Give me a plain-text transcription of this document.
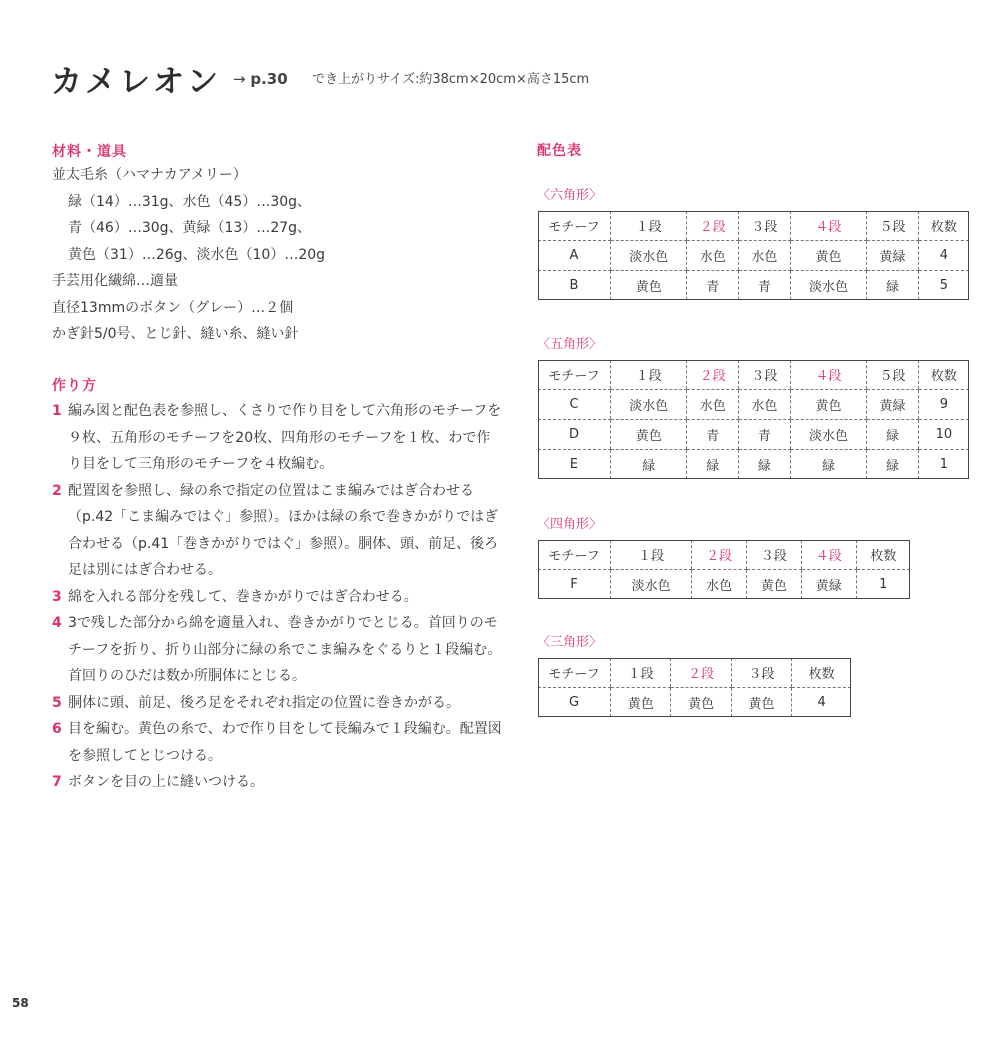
カメレオン → p.30 でき上がりサイズ:約38cm×20cm×高さ15cm
材料・道具
並太毛糸（ハマナカアメリー）
緑（14）…31g、水色（45）…30g、
青（46）…30g、黄緑（13）…27g、
黄色（31）…26g、淡水色（10）…20g
手芸用化繊綿…適量
直径13mmのボタン（グレー）…２個
かぎ針5/0号、とじ針、縫い糸、縫い針
作り方
1 編み図と配色表を参照し、くさりで作り目をして六角形のモチーフを９枚、五角形のモチーフを20枚、四角形のモチーフを１枚、わで作り目をして三角形のモチーフを４枚編む。
2 配置図を参照し、緑の糸で指定の位置はこま編みではぎ合わせる（p.42「こま編みではぐ」参照）。ほかは緑の糸で巻きかがりではぎ合わせる（p.41「巻きかがりではぐ」参照）。胴体、頭、前足、後ろ足は別にはぎ合わせる。
3 綿を入れる部分を残して、巻きかがりではぎ合わせる。
4 3で残した部分から綿を適量入れ、巻きかがりでとじる。首回りのモチーフを折り、折り山部分に緑の糸でこま編みをぐるりと１段編む。首回りのひだは数か所胴体にとじる。
5 胴体に頭、前足、後ろ足をそれぞれ指定の位置に巻きかがる。
6 目を編む。黄色の糸で、わで作り目をして長編みで１段編む。配置図を参照してとじつける。
7 ボタンを目の上に縫いつける。
配色表
〈六角形〉
モチーフ	１段	２段	３段	４段	５段	枚数
A	淡水色	水色	水色	黄色	黄緑	4
B	黄色	青	青	淡水色	緑	5
〈五角形〉
モチーフ	１段	２段	３段	４段	５段	枚数
C	淡水色	水色	水色	黄色	黄緑	9
D	黄色	青	青	淡水色	緑	10
E	緑	緑	緑	緑	緑	1
〈四角形〉
モチーフ	１段	２段	３段	４段	枚数
F	淡水色	水色	黄色	黄緑	1
〈三角形〉
モチーフ	１段	２段	３段	枚数
G	黄色	黄色	黄色	4
58
